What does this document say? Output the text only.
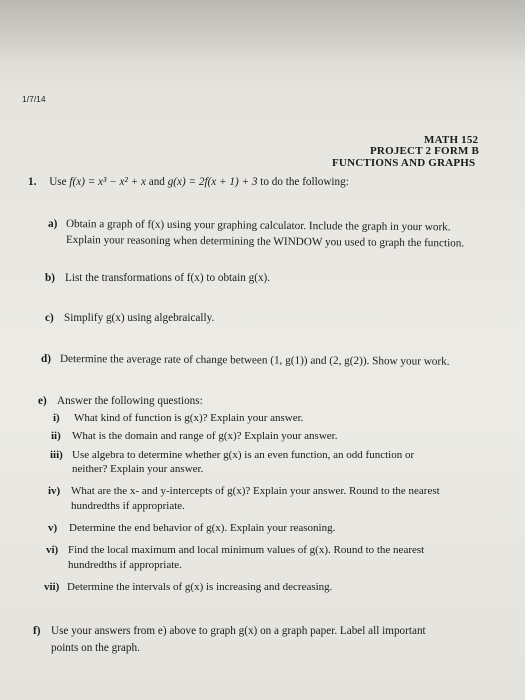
1/7/14
MATH 152
PROJECT 2 FORM B
FUNCTIONS AND GRAPHS
1. Use f(x) = x³ − x² + x and g(x) = 2f(x + 1) + 3 to do the following:
a) Obtain a graph of f(x) using your graphing calculator. Include the graph in your work.
Explain your reasoning when determining the WINDOW you used to graph the function.
b) List the transformations of f(x) to obtain g(x).
c) Simplify g(x) using algebraically.
d) Determine the average rate of change between (1, g(1)) and (2, g(2)). Show your work.
e) Answer the following questions:
i) What kind of function is g(x)? Explain your answer.
ii) What is the domain and range of g(x)? Explain your answer.
iii) Use algebra to determine whether g(x) is an even function, an odd function or
neither? Explain your answer.
iv) What are the x- and y-intercepts of g(x)? Explain your answer. Round to the nearest
hundredths if appropriate.
v) Determine the end behavior of g(x). Explain your reasoning.
vi) Find the local maximum and local minimum values of g(x). Round to the nearest
hundredths if appropriate.
vii) Determine the intervals of g(x) is increasing and decreasing.
f) Use your answers from e) above to graph g(x) on a graph paper. Label all important
points on the graph.
